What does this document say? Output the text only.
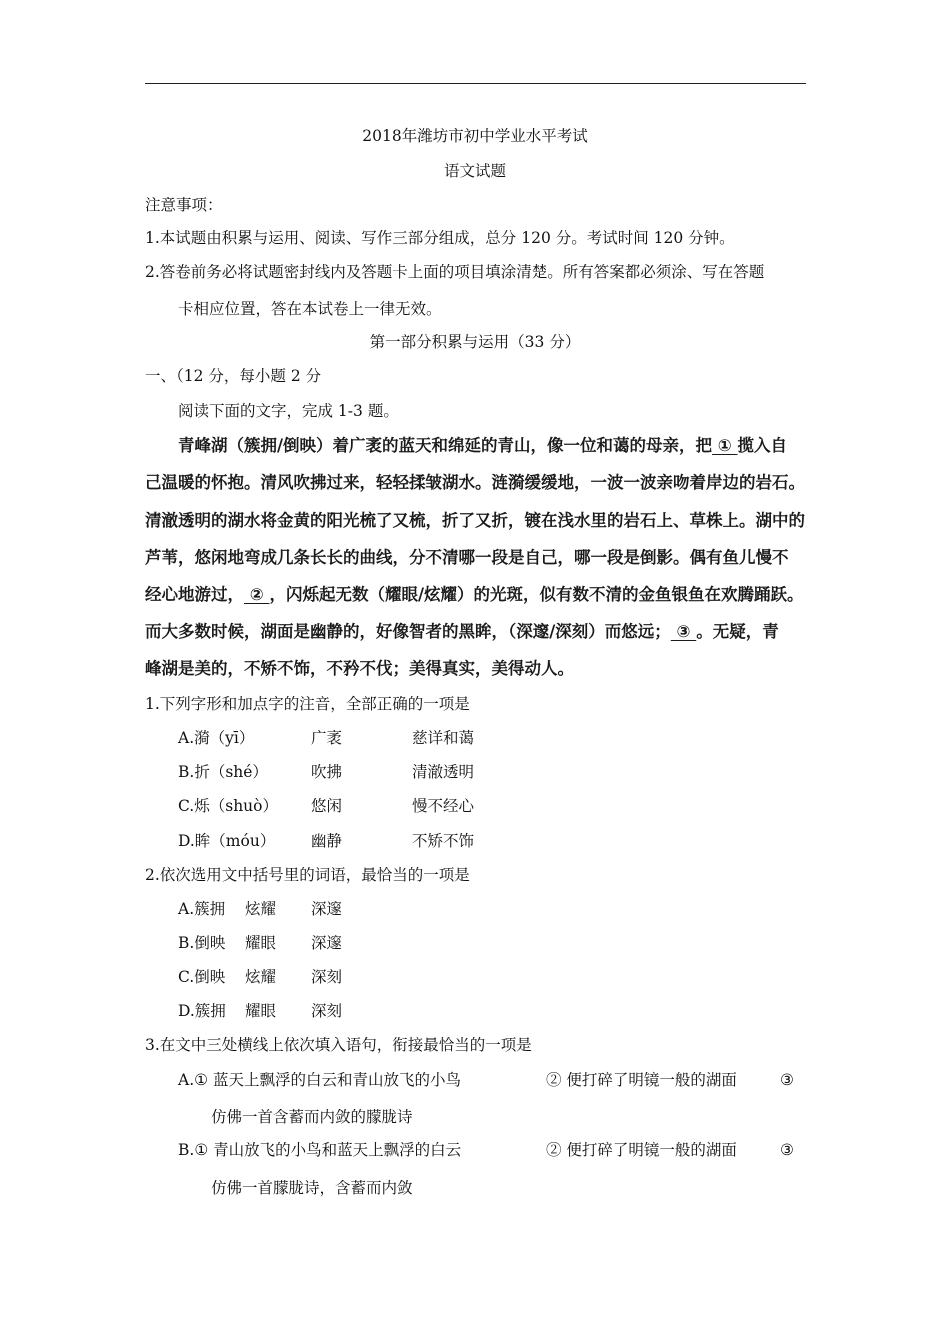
2018年潍坊市初中学业水平考试
语文试题
注意事项：
1.本试题由积累与运用、阅读、写作三部分组成，总分 120 分。考试时间 120 分钟。
2.答卷前务必将试题密封线内及答题卡上面的项目填涂清楚。所有答案都必须涂、写在答题
卡相应位置，答在本试卷上一律无效。
第一部分积累与运用（33 分）
一、（12 分，每小题 2 分
阅读下面的文字，完成 1-3 题。
青峰湖（簇拥/倒映）着广袤的蓝天和绵延的青山，像一位和蔼的母亲，把 ① 揽入自
己温暖的怀抱。清风吹拂过来，轻轻揉皱湖水。涟漪缓缓地，一波一波亲吻着岸边的岩石。
清澈透明的湖水将金黄的阳光梳了又梳，折了又折，镀在浅水里的岩石上、草株上。湖中的
芦苇，悠闲地弯成几条长长的曲线，分不清哪一段是自己，哪一段是倒影。偶有鱼儿慢不
经心地游过， ② ，闪烁起无数（耀眼/炫耀）的光斑，似有数不清的金鱼银鱼在欢腾踊跃。
而大多数时候，湖面是幽静的，好像智者的黑眸，（深邃/深刻）而悠远； ③ 。无疑，青
峰湖是美的，不矫不饰，不矜不伐；美得真实，美得动人。
1.下列字形和加点字的注音，全部正确的一项是
A.漪（yī）	广袤	慈详和蔼
B.折（shé）	吹拂	清澈透明
C.烁（shuò） 悠闲	慢不经心
D.眸（móu） 幽静	不矫不饰
2.依次选用文中括号里的词语，最恰当的一项是
A.簇拥 炫耀 深邃
B.倒映 耀眼 深邃
C.倒映 炫耀 深刻
D.簇拥 耀眼 深刻
3.在文中三处横线上依次填入语句，衔接最恰当的一项是
A.① 蓝天上飘浮的白云和青山放飞的小鸟	② 便打碎了明镜一般的湖面	③
仿佛一首含蓄而内敛的朦胧诗
B.① 青山放飞的小鸟和蓝天上飘浮的白云	② 便打碎了明镜一般的湖面	③
仿佛一首朦胧诗，含蓄而内敛
